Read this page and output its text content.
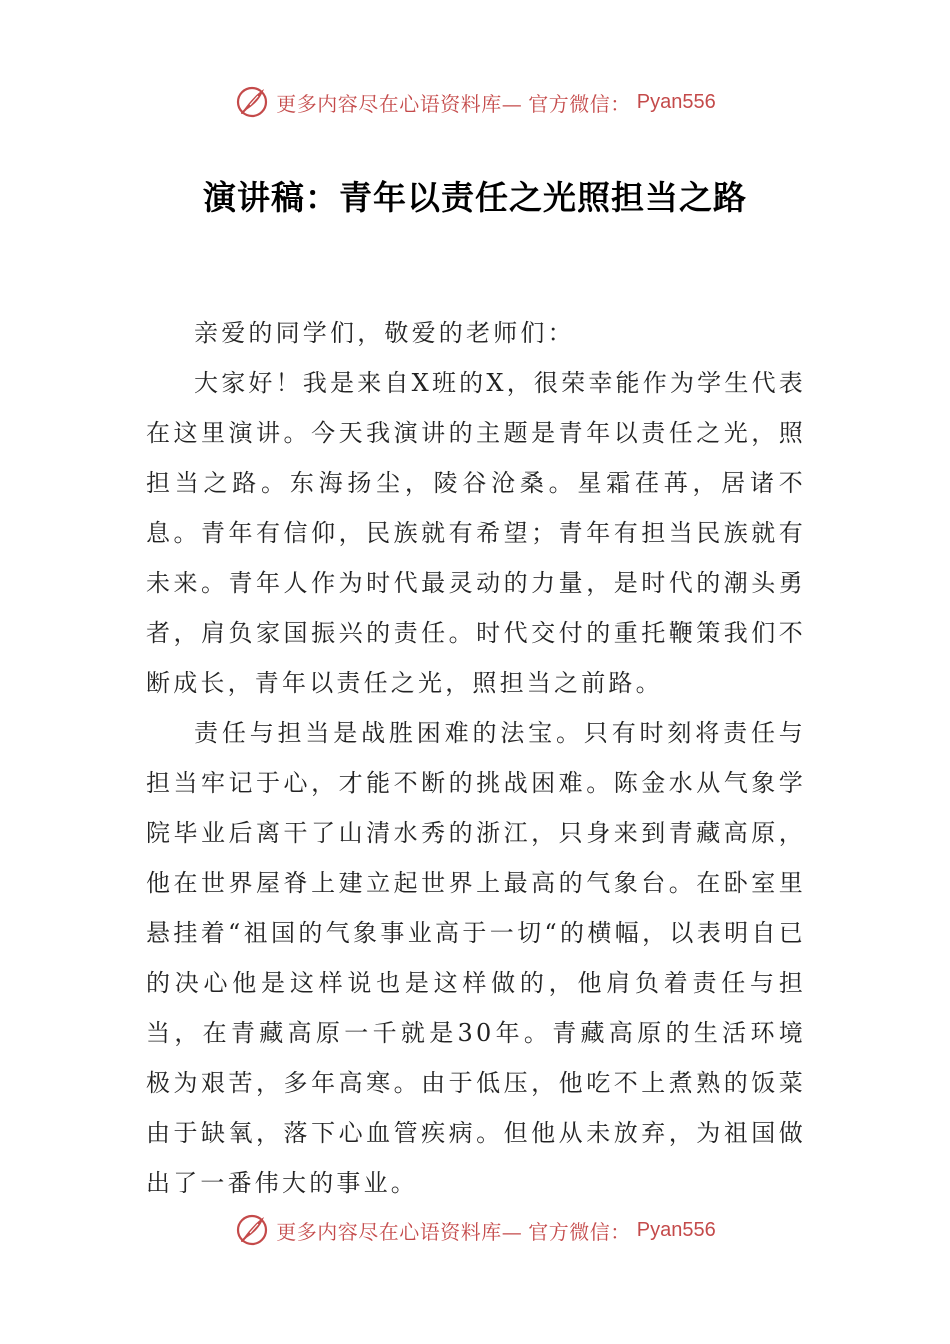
更多内容尽在心语资料库— 官方微信： Pyan556
演讲稿：青年以责任之光照担当之路

亲爱的同学们，敬爱的老师们：

大家好！我是来自X班的X，很荣幸能作为学生代表在这里演讲。今天我演讲的主题是青年以责任之光，照担当之路。东海扬尘，陵谷沧桑。星霜荏苒，居诸不息。青年有信仰，民族就有希望；青年有担当民族就有未来。青年人作为时代最灵动的力量，是时代的潮头勇者，肩负家国振兴的责任。时代交付的重托鞭策我们不断成长，青年以责任之光，照担当之前路。

责任与担当是战胜困难的法宝。只有时刻将责任与担当牢记于心，才能不断的挑战困难。陈金水从气象学院毕业后离干了山清水秀的浙江，只身来到青藏高原，他在世界屋脊上建立起世界上最高的气象台。在卧室里悬挂着“祖国的气象事业高于一切“的横幅，以表明自已的决心他是这样说也是这样做的，他肩负着责任与担当，在青藏高原一千就是30年。青藏高原的生活环境极为艰苦，多年高寒。由于低压，他吃不上煮熟的饭菜由于缺氧，落下心血管疾病。但他从未放弃，为祖国做出了一番伟大的事业。

更多内容尽在心语资料库— 官方微信： Pyan556
